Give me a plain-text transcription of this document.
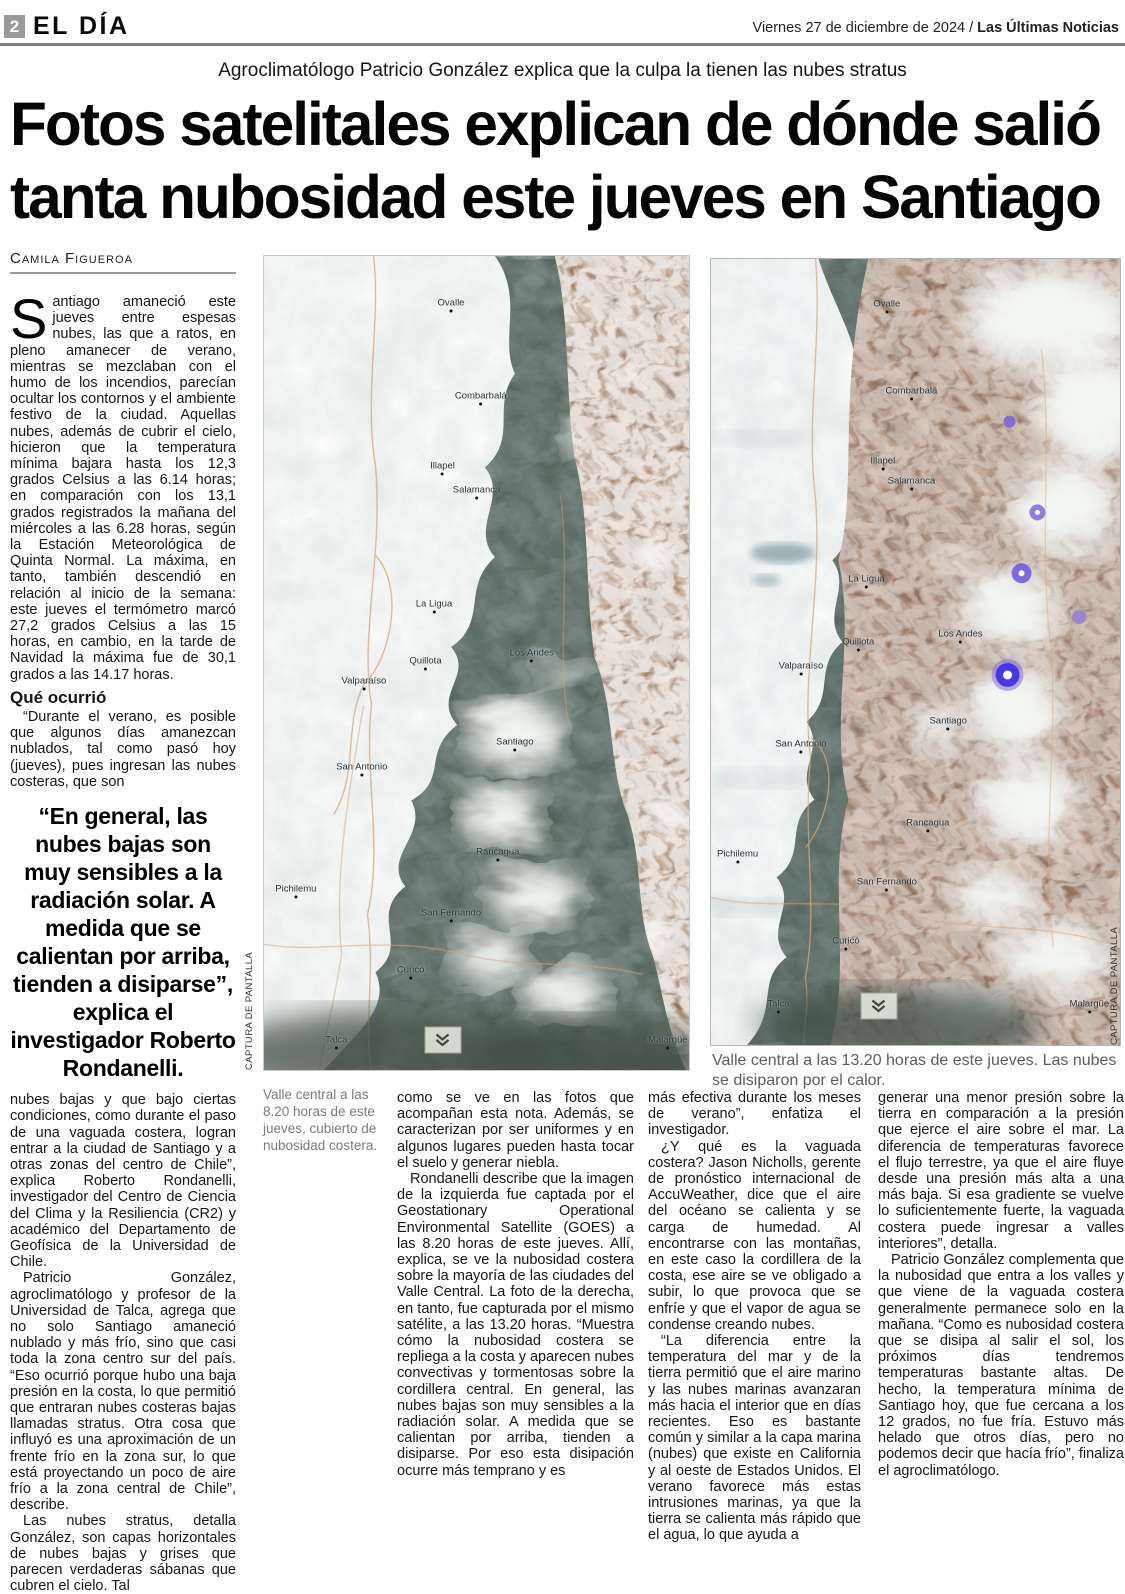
2 EL DÍA	Viernes 27 de diciembre de 2024 / Las Últimas Noticias
Agroclimatólogo Patricio González explica que la culpa la tienen las nubes stratus
Fotos satelitales explican de dónde salió
tanta nubosidad este jueves en Santiago
Camila Figueroa

Santiago amaneció este jueves entre espesas nubes, las que a ratos, en pleno amanecer de verano, mientras se mezclaban con el humo de los incendios, parecían ocultar los contornos y el ambiente festivo de la ciudad. Aquellas nubes, además de cubrir el cielo, hicieron que la temperatura mínima bajara hasta los 12,3 grados Celsius a las 6.14 horas; en comparación con los 13,1 grados registrados la mañana del miércoles a las 6.28 horas, según la Estación Meteorológica de Quinta Normal. La máxima, en tanto, también descendió en relación al inicio de la semana: este jueves el termómetro marcó 27,2 grados Celsius a las 15 horas, en cambio, en la tarde de Navidad la máxima fue de 30,1 grados a las 14.17 horas.

Qué ocurrió

“Durante el verano, es posible que algunos días amanezcan nublados, tal como pasó hoy (jueves), pues ingresan las nubes costeras, que son

“En general, las nubes bajas son muy sensibles a la radiación solar. A medida que se calientan por arriba, tienden a disiparse”, explica el investigador Roberto Rondanelli.

nubes bajas y que bajo ciertas condiciones, como durante el paso de una vaguada costera, logran entrar a la ciudad de Santiago y a otras zonas del centro de Chile”, explica Roberto Rondanelli, investigador del Centro de Ciencia del Clima y la Resiliencia (CR2) y académico del Departamento de Geofísica de la Universidad de Chile.

Patricio González, agroclimatólogo y profesor de la Universidad de Talca, agrega que no solo Santiago amaneció nublado y más frío, sino que casi toda la zona centro sur del país. “Eso ocurrió porque hubo una baja presión en la costa, lo que permitió que entraran nubes costeras bajas llamadas stratus. Otra cosa que influyó es una aproximación de un frente frío en la zona sur, lo que está proyectando un poco de aire frío a la zona central de Chile”, describe.

Las nubes stratus, detalla González, son capas horizontales de nubes bajas y grises que parecen verdaderas sábanas que cubren el cielo. Tal

Ovalle
Combarbalá
Illapel
Salamanca
La Ligua
Quillota
Los Andes
Valparaíso
Santiago
San Antonio
Rancagua
Pichilemu
San Fernando
Curicó
Talca	Malargüe
CAPTURA DE PANTALLA
Ovalle
Combarbalá
Illapel
Salamanca
La Ligua
Quillota
Los Andes
Valparaíso
Santiago
San Antonio
Rancagua
Pichilemu
San Fernando
Curicó
Talca	Malargüe CAPTURA DE PANTALLA
Valle central a las 8.20 horas de este jueves, cubierto de nubosidad costera.
Valle central a las 13.20 horas de este jueves. Las nubes se disiparon por el calor.

como se ve en las fotos que acompañan esta nota. Además, se caracterizan por ser uniformes y en algunos lugares pueden hasta tocar el suelo y generar niebla.

Rondanelli describe que la imagen de la izquierda fue captada por el Geostationary Operational Environmental Satellite (GOES) a las 8.20 horas de este jueves. Allí, explica, se ve la nubosidad costera sobre la mayoría de las ciudades del Valle Central. La foto de la derecha, en tanto, fue capturada por el mismo satélite, a las 13.20 horas. “Muestra cómo la nubosidad costera se repliega a la costa y aparecen nubes convectivas y tormentosas sobre la cordillera central. En general, las nubes bajas son muy sensibles a la radiación solar. A medida que se calientan por arriba, tienden a disiparse. Por eso esta disipación ocurre más temprano y es

más efectiva durante los meses de verano”, enfatiza el investigador.

¿Y qué es la vaguada costera? Jason Nicholls, gerente de pronóstico internacional de AccuWeather, dice que el aire del océano se calienta y se carga de humedad. Al encontrarse con las montañas, en este caso la cordillera de la costa, ese aire se ve obligado a subir, lo que provoca que se enfríe y que el vapor de agua se condense creando nubes.

“La diferencia entre la temperatura del mar y de la tierra permitió que el aire marino y las nubes marinas avanzaran más hacia el interior que en días recientes. Eso es bastante común y similar a la capa marina (nubes) que existe en California y al oeste de Estados Unidos. El verano favorece más estas intrusiones marinas, ya que la tierra se calienta más rápido que el agua, lo que ayuda a

generar una menor presión sobre la tierra en comparación a la presión que ejerce el aire sobre el mar. La diferencia de temperaturas favorece el flujo terrestre, ya que el aire fluye desde una presión más alta a una más baja. Si esa gradiente se vuelve lo suficientemente fuerte, la vaguada costera puede ingresar a valles interiores”, detalla.

Patricio González complementa que la nubosidad que entra a los valles y que viene de la vaguada costera generalmente permanece solo en la mañana. “Como es nubosidad costera que se disipa al salir el sol, los próximos días tendremos temperaturas bastante altas. De hecho, la temperatura mínima de Santiago hoy, que fue cercana a los 12 grados, no fue fría. Estuvo más helado que otros días, pero no podemos decir que hacía frío”, finaliza el agroclimatólogo.
